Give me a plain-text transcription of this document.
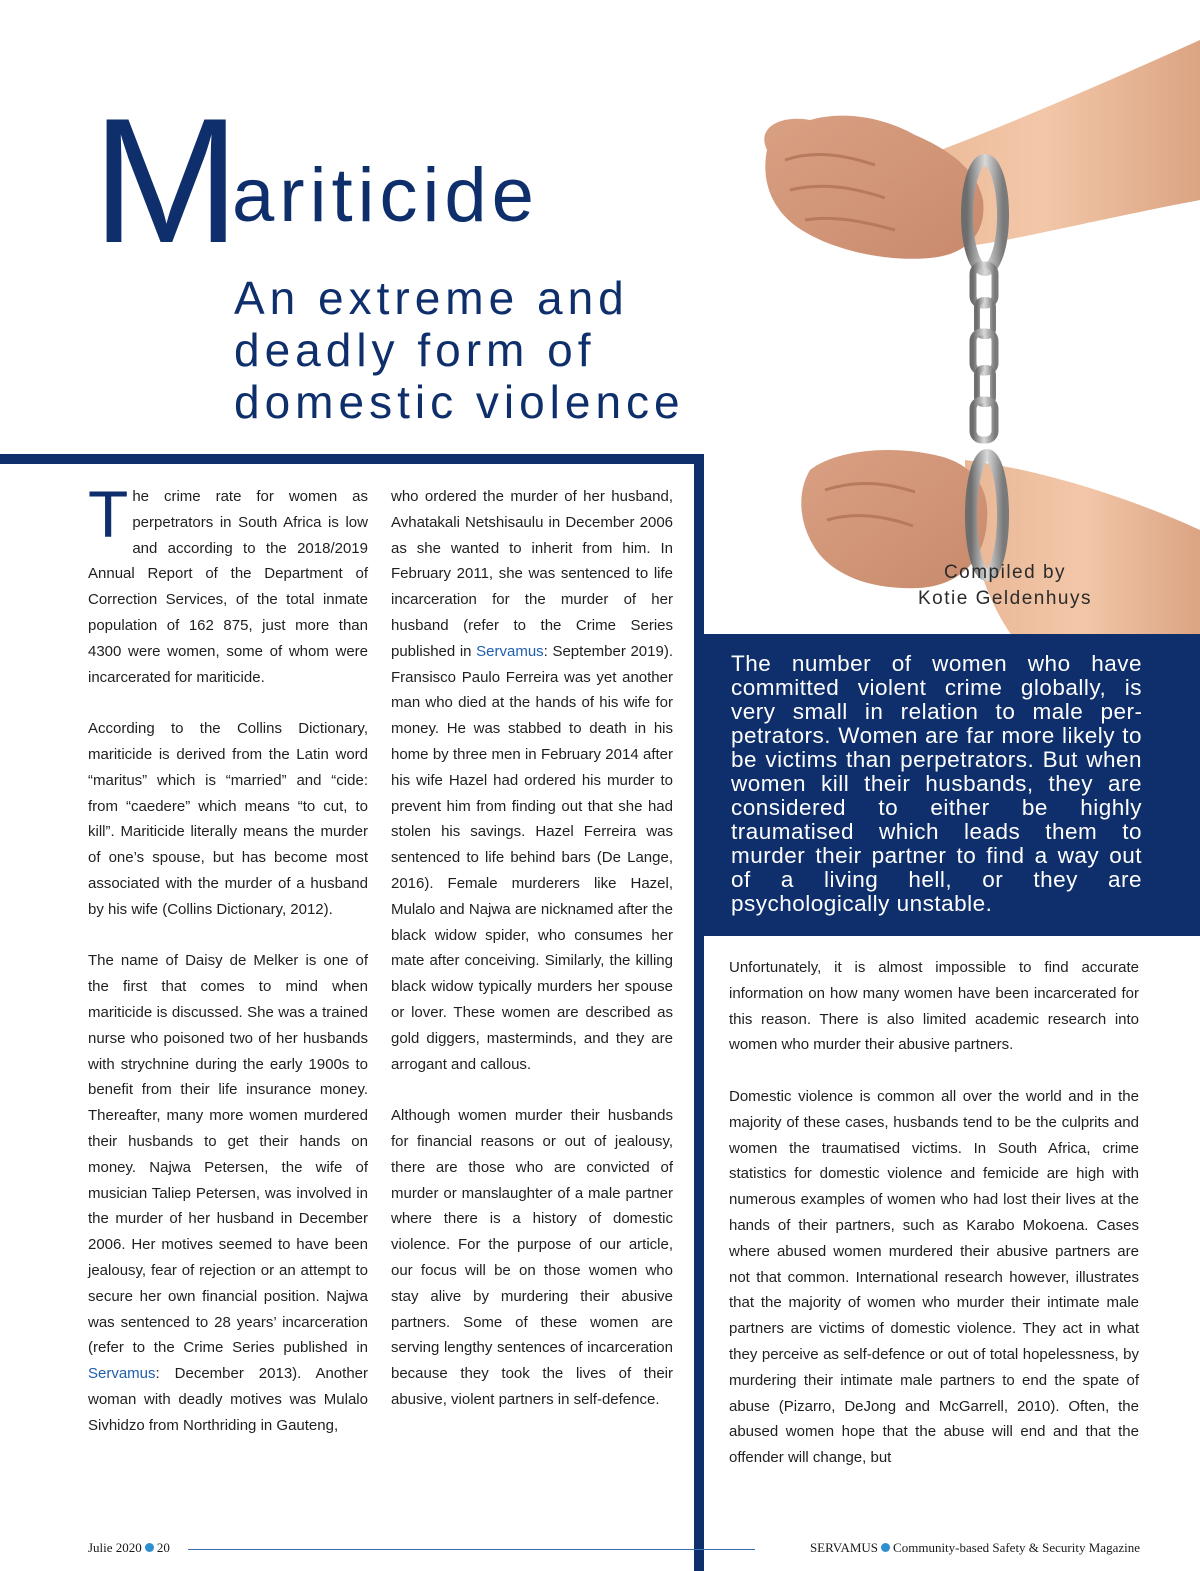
M
ariticide
An extreme and
deadly form of
domestic violence
Compiled by
Kotie Geldenhuys

The number of women who have committed violent crime globally, is very small in relation to male perpetrators. Women are far more likely to be victims than perpetrators. But when women kill their husbands, they are considered to either be highly traumatised which leads them to murder their partner to find a way out of a living hell, or they are psychologically unstable.

The crime rate for women as perpetrators in South Africa is low and according to the 2018/2019 Annual Report of the Department of Correction Services, of the total inmate population of 162 875, just more than 4300 were women, some of whom were incarcerated for mariticide.

According to the Collins Dictionary, mariticide is derived from the Latin word “maritus” which is “married” and “cide: from “caedere” which means “to cut, to kill”. Mariticide literally means the murder of one’s spouse, but has become most associated with the murder of a husband by his wife (Collins Dictionary, 2012).

The name of Daisy de Melker is one of the first that comes to mind when mariticide is discussed. She was a trained nurse who poisoned two of her husbands with strychnine during the early 1900s to benefit from their life insurance money. Thereafter, many more women murdered their husbands to get their hands on money. Najwa Petersen, the wife of musician Taliep Petersen, was involved in the murder of her husband in December 2006. Her motives seemed to have been jealousy, fear of rejection or an attempt to secure her own financial position. Najwa was sentenced to 28 years’ incarceration (refer to the Crime Series published in Servamus: December 2013). Another woman with deadly motives was Mulalo Sivhidzo from Northriding in Gauteng,

who ordered the murder of her husband, Avhatakali Netshisaulu in December 2006 as she wanted to inherit from him. In February 2011, she was sentenced to life incarceration for the murder of her husband (refer to the Crime Series published in Servamus: September 2019). Fransisco Paulo Ferreira was yet another man who died at the hands of his wife for money. He was stabbed to death in his home by three men in February 2014 after his wife Hazel had ordered his murder to prevent him from finding out that she had stolen his savings. Hazel Ferreira was sentenced to life behind bars (De Lange, 2016). Female murderers like Hazel, Mulalo and Najwa are nicknamed after the black widow spider, who consumes her mate after conceiving. Similarly, the killing black widow typically murders her spouse or lover. These women are described as gold diggers, masterminds, and they are arrogant and callous.

Although women murder their husbands for financial reasons or out of jealousy, there are those who are convicted of murder or manslaughter of a male partner where there is a history of domestic violence. For the purpose of our article, our focus will be on those women who stay alive by murdering their abusive partners. Some of these women are serving lengthy sentences of incarceration because they took the lives of their abusive, violent partners in self-defence.

Unfortunately, it is almost impossible to find accurate information on how many women have been incarcerated for this reason. There is also limited academic research into women who murder their abusive partners.

Domestic violence is common all over the world and in the majority of these cases, husbands tend to be the culprits and women the traumatised victims. In South Africa, crime statistics for domestic violence and femicide are high with numerous examples of women who had lost their lives at the hands of their partners, such as Karabo Mokoena. Cases where abused women murdered their abusive partners are not that common. International research however, illustrates that the majority of women who murder their intimate male partners are victims of domestic violence. They act in what they perceive as self-defence or out of total hopelessness, by murdering their intimate male partners to end the spate of abuse (Pizarro, DeJong and McGarrell, 2010). Often, the abused women hope that the abuse will end and that the offender will change, but

Julie 2020 20	SERVAMUS Community-based Safety & Security Magazine
